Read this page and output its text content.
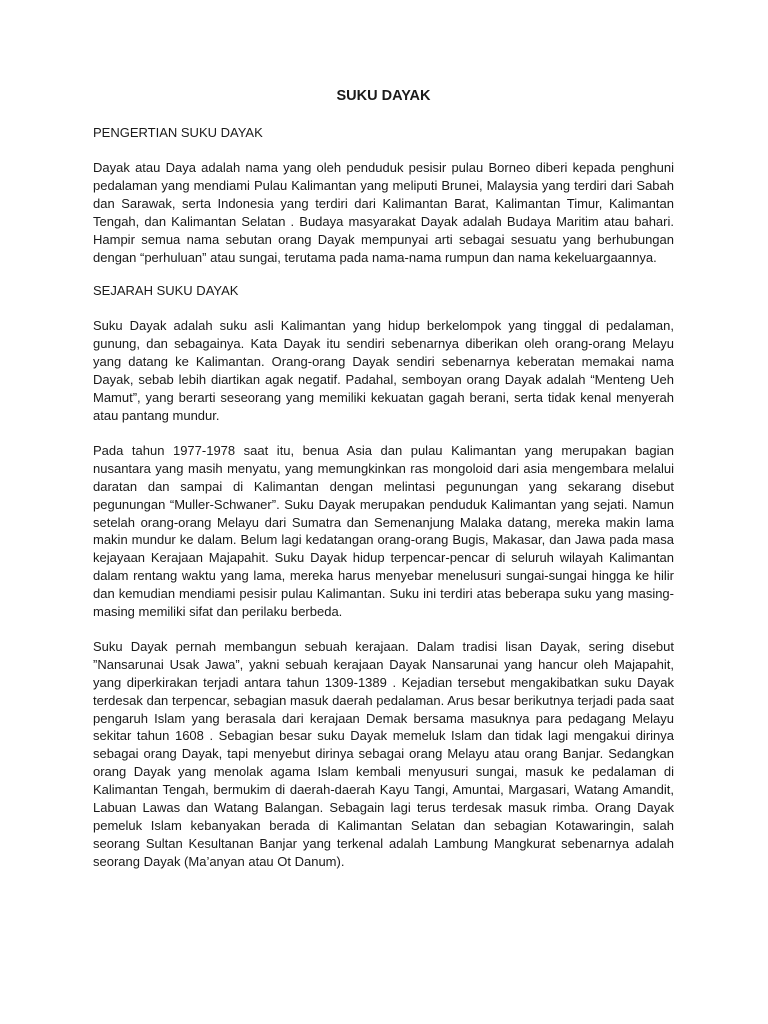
SUKU DAYAK
PENGERTIAN SUKU DAYAK

Dayak atau Daya adalah nama yang oleh penduduk pesisir pulau Borneo diberi kepada penghuni pedalaman yang mendiami Pulau Kalimantan yang meliputi Brunei, Malaysia yang terdiri dari Sabah dan Sarawak, serta Indonesia yang terdiri dari Kalimantan Barat, Kalimantan Timur, Kalimantan Tengah, dan Kalimantan Selatan . Budaya masyarakat Dayak adalah Budaya Maritim atau bahari. Hampir semua nama sebutan orang Dayak mempunyai arti sebagai sesuatu yang berhubungan dengan “perhuluan” atau sungai, terutama pada nama-nama rumpun dan nama kekeluargaannya.

SEJARAH SUKU DAYAK

Suku Dayak adalah suku asli Kalimantan yang hidup berkelompok yang tinggal di pedalaman, gunung, dan sebagainya. Kata Dayak itu sendiri sebenarnya diberikan oleh orang-orang Melayu yang datang ke Kalimantan. Orang-orang Dayak sendiri sebenarnya keberatan memakai nama Dayak, sebab lebih diartikan agak negatif. Padahal, semboyan orang Dayak adalah “Menteng Ueh Mamut”, yang berarti seseorang yang memiliki kekuatan gagah berani, serta tidak kenal menyerah atau pantang mundur.

Pada tahun 1977-1978 saat itu, benua Asia dan pulau Kalimantan yang merupakan bagian nusantara yang masih menyatu, yang memungkinkan ras mongoloid dari asia mengembara melalui daratan dan sampai di Kalimantan dengan melintasi pegunungan yang sekarang disebut pegunungan “Muller-Schwaner”. Suku Dayak merupakan penduduk Kalimantan yang sejati. Namun setelah orang-orang Melayu dari Sumatra dan Semenanjung Malaka datang, mereka makin lama makin mundur ke dalam. Belum lagi kedatangan orang-orang Bugis, Makasar, dan Jawa pada masa kejayaan Kerajaan Majapahit. Suku Dayak hidup terpencar-pencar di seluruh wilayah Kalimantan dalam rentang waktu yang lama, mereka harus menyebar menelusuri sungai-sungai hingga ke hilir dan kemudian mendiami pesisir pulau Kalimantan. Suku ini terdiri atas beberapa suku yang masing-masing memiliki sifat dan perilaku berbeda.

Suku Dayak pernah membangun sebuah kerajaan. Dalam tradisi lisan Dayak, sering disebut ”Nansarunai Usak Jawa”, yakni sebuah kerajaan Dayak Nansarunai yang hancur oleh Majapahit, yang diperkirakan terjadi antara tahun 1309-1389 . Kejadian tersebut mengakibatkan suku Dayak terdesak dan terpencar, sebagian masuk daerah pedalaman. Arus besar berikutnya terjadi pada saat pengaruh Islam yang berasala dari kerajaan Demak bersama masuknya para pedagang Melayu sekitar tahun 1608 . Sebagian besar suku Dayak memeluk Islam dan tidak lagi mengakui dirinya sebagai orang Dayak, tapi menyebut dirinya sebagai orang Melayu atau orang Banjar. Sedangkan orang Dayak yang menolak agama Islam kembali menyusuri sungai, masuk ke pedalaman di Kalimantan Tengah, bermukim di daerah-daerah Kayu Tangi, Amuntai, Margasari, Watang Amandit, Labuan Lawas dan Watang Balangan. Sebagain lagi terus terdesak masuk rimba. Orang Dayak pemeluk Islam kebanyakan berada di Kalimantan Selatan dan sebagian Kotawaringin, salah seorang Sultan Kesultanan Banjar yang terkenal adalah Lambung Mangkurat sebenarnya adalah seorang Dayak (Ma’anyan atau Ot Danum).
